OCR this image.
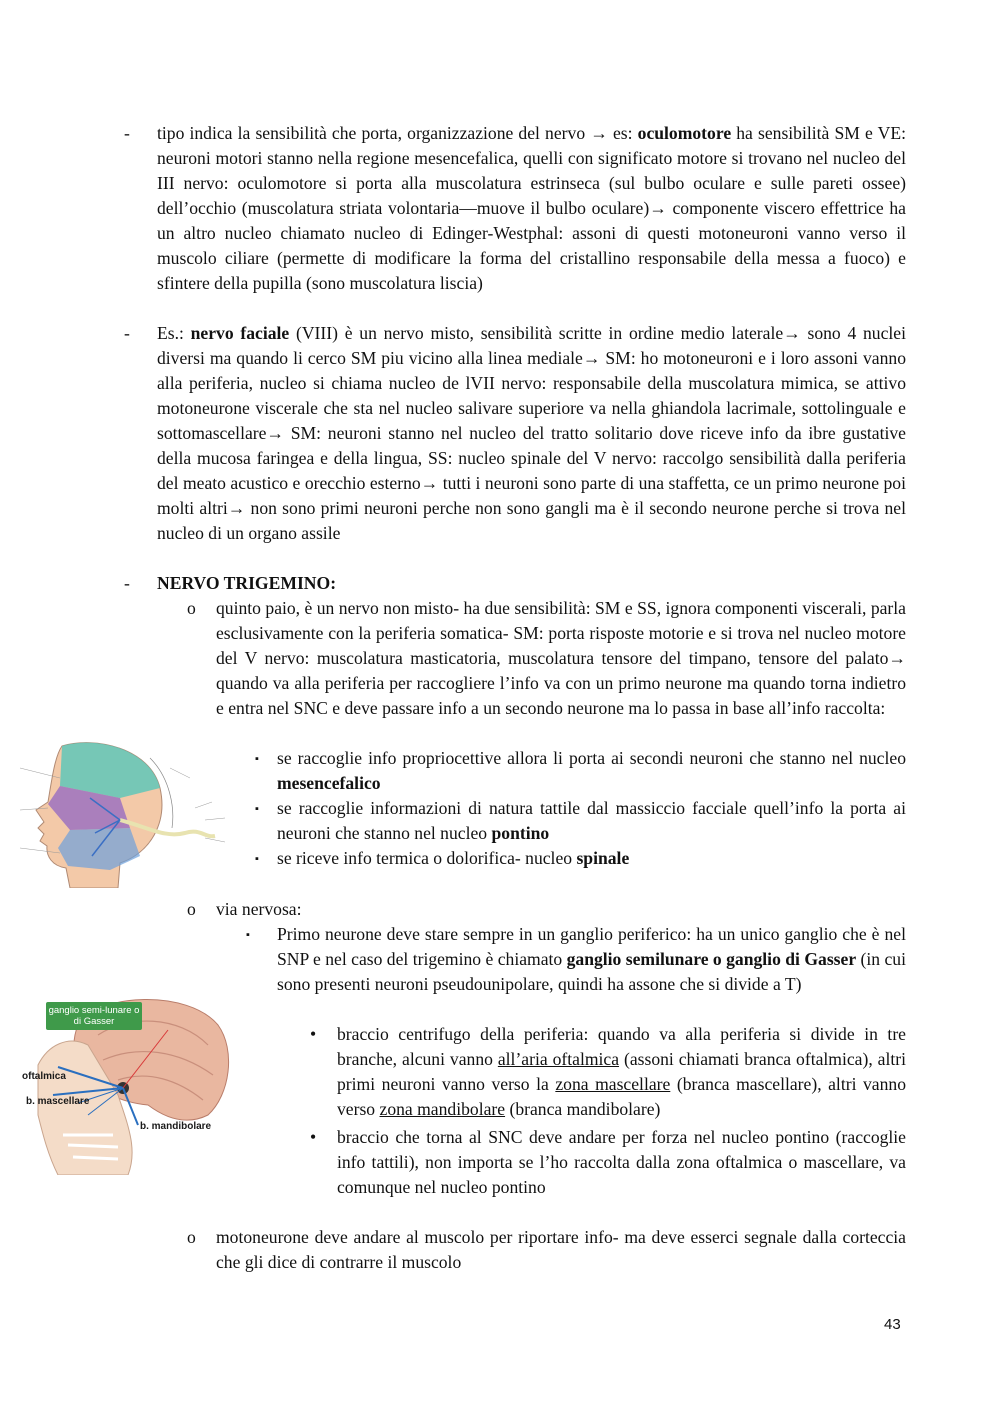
-	tipo indica la sensibilità che porta, organizzazione del nervo → es: oculomotore ha sensibilità SM e VE: neuroni motori stanno nella regione mesencefalica, quelli con significato motore si trovano nel nucleo del III nervo: oculomotore si porta alla muscolatura estrinseca (sul bulbo oculare e sulle pareti ossee) dell’occhio (muscolatura striata volontaria—muove il bulbo oculare)→ componente viscero effettrice ha un altro nucleo chiamato nucleo di Edinger-Westphal: assoni di questi motoneuroni vanno verso il muscolo ciliare (permette di modificare la forma del cristallino responsabile della messa a fuoco) e sfintere della pupilla (sono muscolatura liscia)
-	Es.: nervo faciale (VIII) è un nervo misto, sensibilità scritte in ordine medio laterale→ sono 4 nuclei diversi ma quando li cerco SM piu vicino alla linea mediale→ SM: ho motoneuroni e i loro assoni vanno alla periferia, nucleo si chiama nucleo de lVII nervo: responsabile della muscolatura mimica, se attivo motoneurone viscerale che sta nel nucleo salivare superiore va nella ghiandola lacrimale, sottolinguale e sottomascellare→ SM: neuroni stanno nel nucleo del tratto solitario dove riceve info da ibre gustative della mucosa faringea e della lingua, SS: nucleo spinale del V nervo: raccolgo sensibilità dalla periferia del meato acustico e orecchio esterno→ tutti i neuroni sono parte di una staffetta, ce un primo neurone poi molti altri→ non sono primi neuroni perche non sono gangli ma è il secondo neurone perche si trova nel nucleo di un organo assile
-	NERVO TRIGEMINO:
o	quinto paio, è un nervo non misto- ha due sensibilità: SM e SS, ignora componenti viscerali, parla esclusivamente con la periferia somatica- SM: porta risposte motorie e si trova nel nucleo motore del V nervo: muscolatura masticatoria, muscolatura tensore del timpano, tensore del palato→ quando va alla periferia per raccogliere l’info va con un primo neurone ma quando torna indietro e entra nel SNC e deve passare info a un secondo neurone ma lo passa in base all’info raccolta:
▪	se raccoglie info propriocettive allora li porta ai secondi neuroni che stanno nel nucleo mesencefalico
▪	se raccoglie informazioni di natura tattile dal massiccio facciale quell’info la porta ai neuroni che stanno nel nucleo pontino
▪	se riceve info termica o dolorifica- nucleo spinale
o	via nervosa:
▪	Primo neurone deve stare sempre in un ganglio periferico: ha un unico ganglio che è nel SNP e nel caso del trigemino è chiamato ganglio semilunare o ganglio di Gasser (in cui sono presenti neuroni pseudounipolare, quindi ha assone che si divide a T)
•	braccio centrifugo della periferia: quando va alla periferia si divide in tre branche, alcuni vanno all’aria oftalmica (assoni chiamati branca oftalmica), altri primi neuroni vanno verso la zona mascellare (branca mascellare), altri vanno verso zona mandibolare (branca mandibolare)
•	braccio che torna al SNC deve andare per forza nel nucleo pontino (raccoglie info tattili), non importa se l’ho raccolta dalla zona oftalmica o mascellare, va comunque nel nucleo pontino
o	motoneurone deve andare al muscolo per riportare info- ma deve esserci segnale dalla corteccia che gli dice di contrarre il muscolo
ganglio semi-lunare o di Gasser
oftalmica
b. mascellare
b. mandibolare
43
